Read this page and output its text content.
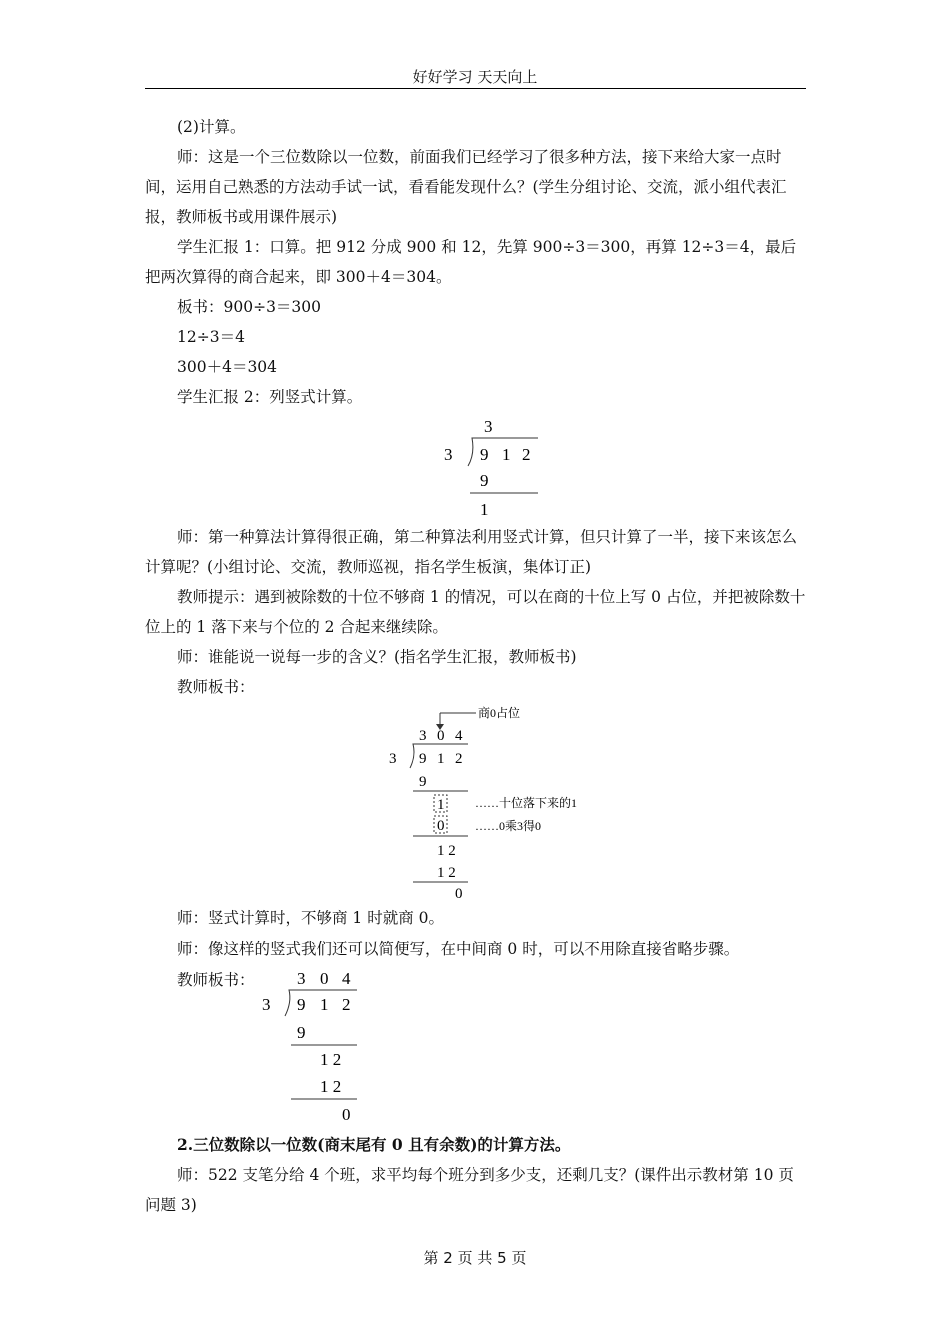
好好学习 天天向上
(2)计算。
师：这是一个三位数除以一位数，前面我们已经学习了很多种方法，接下来给大家一点时间，运用自己熟悉的方法动手试一试，看看能发现什么？(学生分组讨论、交流，派小组代表汇报，教师板书或用课件展示)
学生汇报 1：口算。把 912 分成 900 和 12，先算 900÷3＝300，再算 12÷3＝4，最后把两次算得的商合起来，即 300＋4＝304。
板书：900÷3＝300
12÷3＝4
300＋4＝304
学生汇报 2：列竖式计算。
3
3 9 1 2
9
1
师：第一种算法计算得很正确，第二种算法利用竖式计算，但只计算了一半，接下来该怎么计算呢？(小组讨论、交流，教师巡视，指名学生板演，集体订正)
教师提示：遇到被除数的十位不够商 1 的情况，可以在商的十位上写 0 占位，并把被除数十位上的 1 落下来与个位的 2 合起来继续除。
师：谁能说一说每一步的含义？(指名学生汇报，教师板书)
教师板书：
商0占位
3 0 4
3 9 1 2
9
1	……十位落下来的1
0	……0乘3得0
1 2
1 2
0
师：竖式计算时，不够商 1 时就商 0。
师：像这样的竖式我们还可以简便写，在中间商 0 时，可以不用除直接省略步骤。
教师板书： 3 0 4
3 9 1 2
9
1 2
1 2
0
2.三位数除以一位数(商末尾有 0 且有余数)的计算方法。
师：522 支笔分给 4 个班，求平均每个班分到多少支，还剩几支？(课件出示教材第 10 页问题 3)
第 2 页 共 5 页
